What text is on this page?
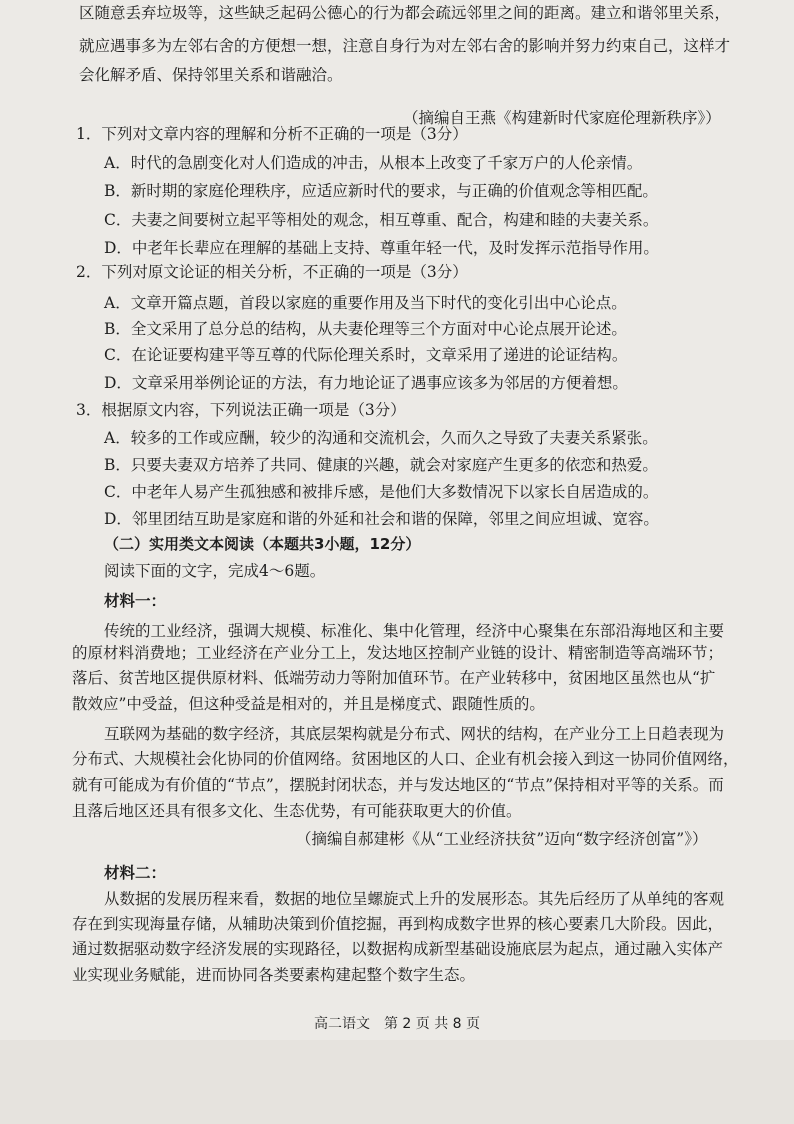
区随意丢弃垃圾等，这些缺乏起码公德心的行为都会疏远邻里之间的距离。建立和谐邻里关系，
就应遇事多为左邻右舍的方便想一想，注意自身行为对左邻右舍的影响并努力约束自己，这样才
会化解矛盾、保持邻里关系和谐融洽。
（摘编自王燕《构建新时代家庭伦理新秩序》）
1．下列对文章内容的理解和分析不正确的一项是（3分）
A．时代的急剧变化对人们造成的冲击，从根本上改变了千家万户的人伦亲情。
B．新时期的家庭伦理秩序，应适应新时代的要求，与正确的价值观念等相匹配。
C．夫妻之间要树立起平等相处的观念，相互尊重、配合，构建和睦的夫妻关系。
D．中老年长辈应在理解的基础上支持、尊重年轻一代，及时发挥示范指导作用。
2．下列对原文论证的相关分析，不正确的一项是（3分）
A．文章开篇点题，首段以家庭的重要作用及当下时代的变化引出中心论点。
B．全文采用了总分总的结构，从夫妻伦理等三个方面对中心论点展开论述。
C．在论证要构建平等互尊的代际伦理关系时，文章采用了递进的论证结构。
D．文章采用举例论证的方法，有力地论证了遇事应该多为邻居的方便着想。
3．根据原文内容，下列说法正确一项是（3分）
A．较多的工作或应酬，较少的沟通和交流机会，久而久之导致了夫妻关系紧张。
B．只要夫妻双方培养了共同、健康的兴趣，就会对家庭产生更多的依恋和热爱。
C．中老年人易产生孤独感和被排斥感，是他们大多数情况下以家长自居造成的。
D．邻里团结互助是家庭和谐的外延和社会和谐的保障，邻里之间应坦诚、宽容。
（二）实用类文本阅读（本题共3小题，12分）
阅读下面的文字，完成4～6题。
材料一：
传统的工业经济，强调大规模、标准化、集中化管理，经济中心聚集在东部沿海地区和主要
的原材料消费地；工业经济在产业分工上，发达地区控制产业链的设计、精密制造等高端环节；
落后、贫苦地区提供原材料、低端劳动力等附加值环节。在产业转移中，贫困地区虽然也从“扩
散效应”中受益，但这种受益是相对的，并且是梯度式、跟随性质的。
互联网为基础的数字经济，其底层架构就是分布式、网状的结构，在产业分工上日趋表现为
分布式、大规模社会化协同的价值网络。贫困地区的人口、企业有机会接入到这一协同价值网络，
就有可能成为有价值的“节点”，摆脱封闭状态，并与发达地区的“节点”保持相对平等的关系。而
且落后地区还具有很多文化、生态优势，有可能获取更大的价值。
（摘编自郝建彬《从“工业经济扶贫”迈向“数字经济创富”》）
材料二：
从数据的发展历程来看，数据的地位呈螺旋式上升的发展形态。其先后经历了从单纯的客观
存在到实现海量存储，从辅助决策到价值挖掘，再到构成数字世界的核心要素几大阶段。因此，
通过数据驱动数字经济发展的实现路径，以数据构成新型基础设施底层为起点，通过融入实体产
业实现业务赋能，进而协同各类要素构建起整个数字生态。
高二语文　第 2 页 共 8 页
